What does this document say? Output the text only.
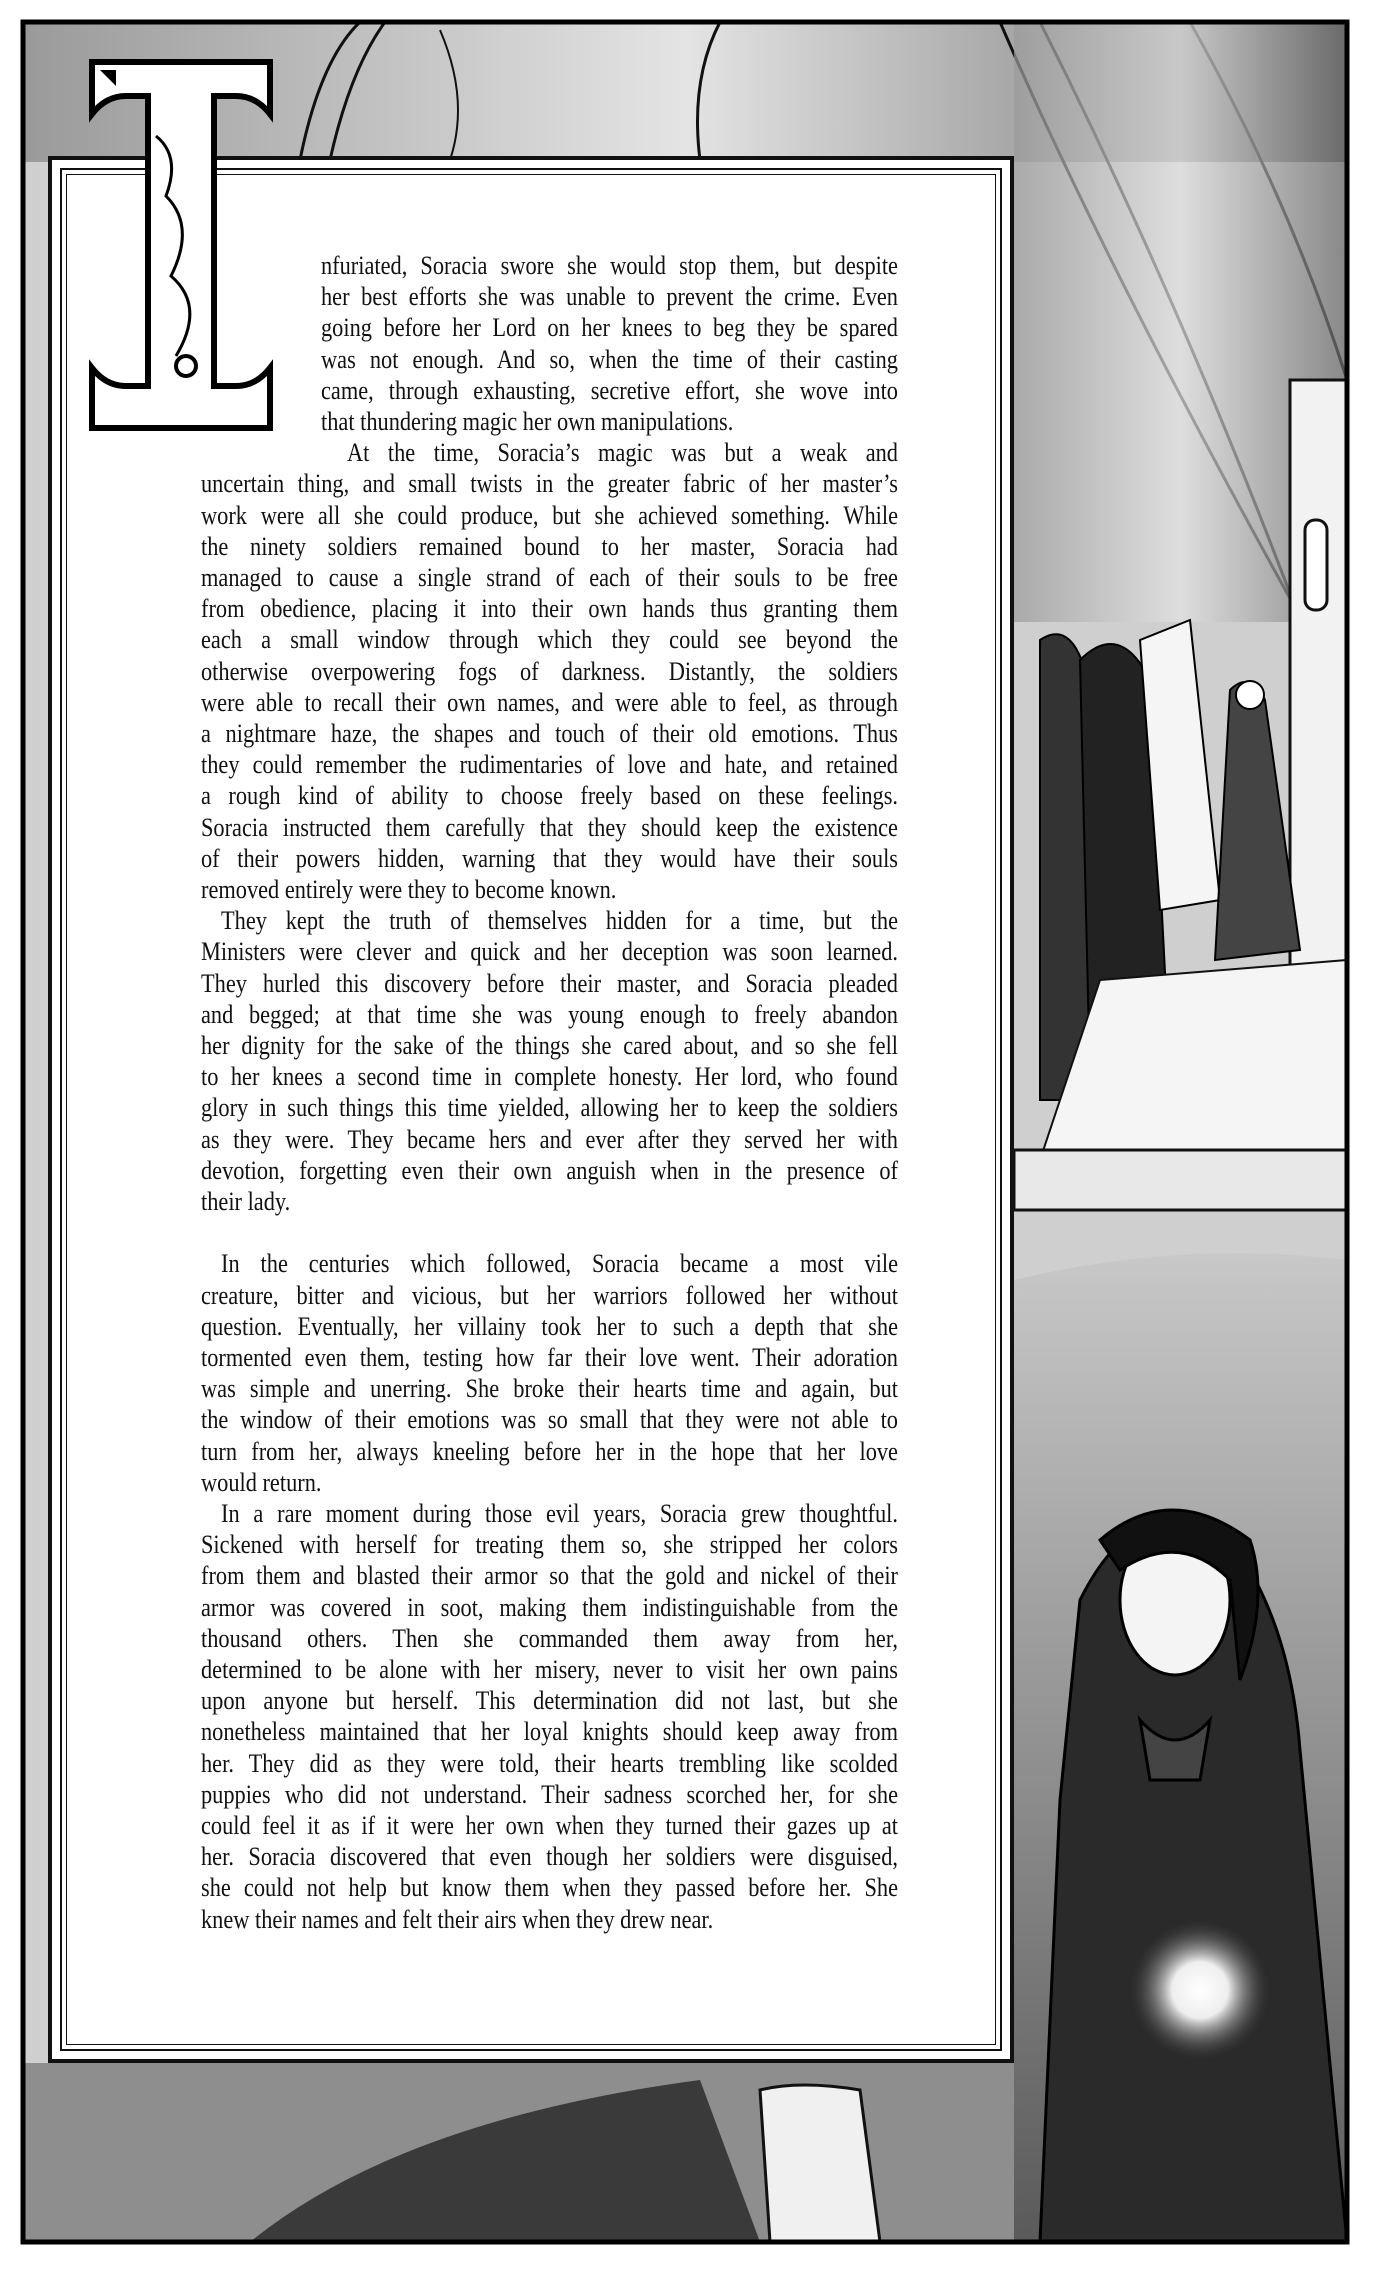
nfuriated, Soracia swore she would stop them, but despite
her best efforts she was unable to prevent the crime. Even
going before her Lord on her knees to beg they be spared
was not enough. And so, when the time of their casting
came, through exhausting, secretive effort, she wove into
that thundering magic her own manipulations.
At the time, Soracia’s magic was but a weak and
uncertain thing, and small twists in the greater fabric of her master’s
work were all she could produce, but she achieved something. While
the ninety soldiers remained bound to her master, Soracia had
managed to cause a single strand of each of their souls to be free
from obedience, placing it into their own hands thus granting them
each a small window through which they could see beyond the
otherwise overpowering fogs of darkness. Distantly, the soldiers
were able to recall their own names, and were able to feel, as through
a nightmare haze, the shapes and touch of their old emotions. Thus
they could remember the rudimentaries of love and hate, and retained
a rough kind of ability to choose freely based on these feelings.
Soracia instructed them carefully that they should keep the existence
of their powers hidden, warning that they would have their souls
removed entirely were they to become known.
They kept the truth of themselves hidden for a time, but the
Ministers were clever and quick and her deception was soon learned.
They hurled this discovery before their master, and Soracia pleaded
and begged; at that time she was young enough to freely abandon
her dignity for the sake of the things she cared about, and so she fell
to her knees a second time in complete honesty. Her lord, who found
glory in such things this time yielded, allowing her to keep the soldiers
as they were. They became hers and ever after they served her with
devotion, forgetting even their own anguish when in the presence of
their lady.
In the centuries which followed, Soracia became a most vile
creature, bitter and vicious, but her warriors followed her without
question. Eventually, her villainy took her to such a depth that she
tormented even them, testing how far their love went. Their adoration
was simple and unerring. She broke their hearts time and again, but
the window of their emotions was so small that they were not able to
turn from her, always kneeling before her in the hope that her love
would return.
In a rare moment during those evil years, Soracia grew thoughtful.
Sickened with herself for treating them so, she stripped her colors
from them and blasted their armor so that the gold and nickel of their
armor was covered in soot, making them indistinguishable from the
thousand others. Then she commanded them away from her,
determined to be alone with her misery, never to visit her own pains
upon anyone but herself. This determination did not last, but she
nonetheless maintained that her loyal knights should keep away from
her. They did as they were told, their hearts trembling like scolded
puppies who did not understand. Their sadness scorched her, for she
could feel it as if it were her own when they turned their gazes up at
her. Soracia discovered that even though her soldiers were disguised,
she could not help but know them when they passed before her. She
knew their names and felt their airs when they drew near.
